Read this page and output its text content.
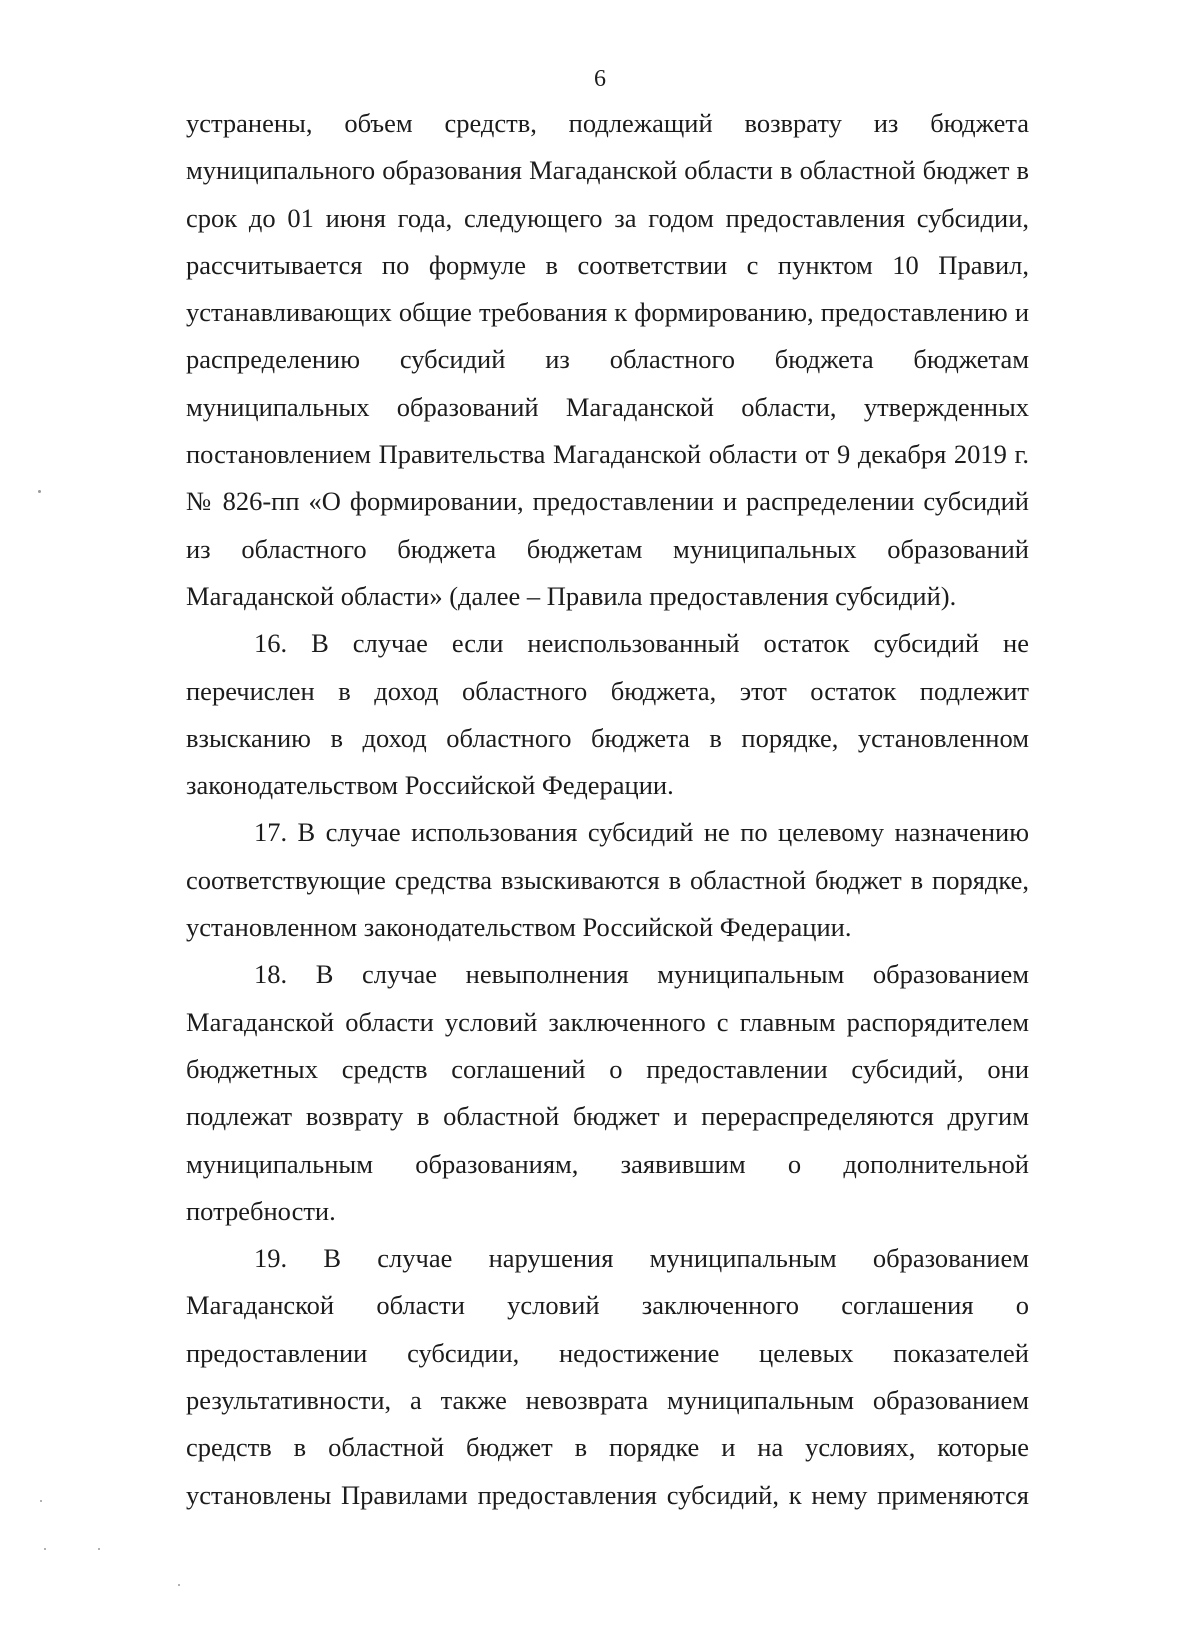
6
устранены, объем средств, подлежащий возврату из бюджета
муниципального образования Магаданской области в областной бюджет в
срок до 01 июня года, следующего за годом предоставления субсидии,
рассчитывается по формуле в соответствии с пунктом 10 Правил,
устанавливающих общие требования к формированию, предоставлению и
распределению субсидий из областного бюджета бюджетам
муниципальных образований Магаданской области, утвержденных
постановлением Правительства Магаданской области от 9 декабря 2019 г.
№ 826-пп «О формировании, предоставлении и распределении субсидий
из областного бюджета бюджетам муниципальных образований
Магаданской области» (далее – Правила предоставления субсидий).
16. В случае если неиспользованный остаток субсидий не
перечислен в доход областного бюджета, этот остаток подлежит
взысканию в доход областного бюджета в порядке, установленном
законодательством Российской Федерации.
17. В случае использования субсидий не по целевому назначению
соответствующие средства взыскиваются в областной бюджет в порядке,
установленном законодательством Российской Федерации.
18. В случае невыполнения муниципальным образованием
Магаданской области условий заключенного с главным распорядителем
бюджетных средств соглашений о предоставлении субсидий, они
подлежат возврату в областной бюджет и перераспределяются другим
муниципальным образованиям, заявившим о дополнительной
потребности.
19. В случае нарушения муниципальным образованием
Магаданской области условий заключенного соглашения о
предоставлении субсидии, недостижение целевых показателей
результативности, а также невозврата муниципальным образованием
средств в областной бюджет в порядке и на условиях, которые
установлены Правилами предоставления субсидий, к нему применяются
